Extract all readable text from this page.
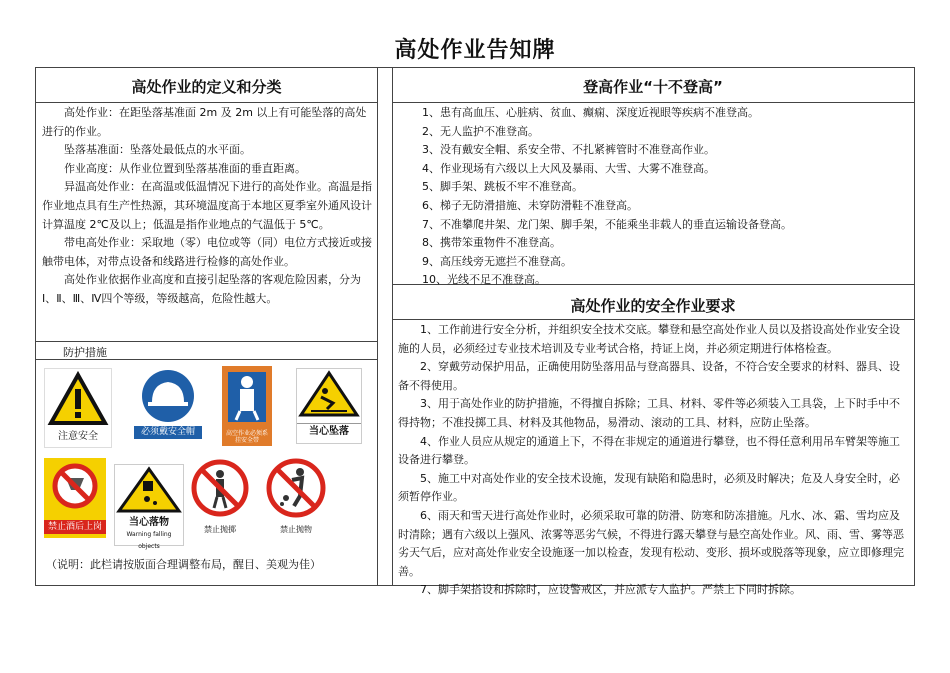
高处作业告知牌
高处作业的定义和分类

高处作业：在距坠落基准面 2m 及 2m 以上有可能坠落的高处进行的作业。

坠落基准面：坠落处最低点的水平面。

作业高度：从作业位置到坠落基准面的垂直距离。

异温高处作业：在高温或低温情况下进行的高处作业。高温是指作业地点具有生产性热源，其环境温度高于本地区夏季室外通风设计计算温度 2℃及以上；低温是指作业地点的气温低于 5℃。

带电高处作业：采取地（零）电位或等（同）电位方式接近或接触带电体，对带点设备和线路进行检修的高处作业。

高处作业依据作业高度和直接引起坠落的客观危险因素，分为Ⅰ、Ⅱ、Ⅲ、Ⅳ四个等级，等级越高，危险性越大。

防护措施
注意安全	必须戴安全帽	高空作业必须系挂安全带
当心坠落
禁止酒后上岗	当心落物
Warning falling objects
禁止抛掷	禁止抛物
（说明：此栏请按版面合理调整布局，醒目、美观为佳）
登高作业“十不登高”

1、患有高血压、心脏病、贫血、癫痫、深度近视眼等疾病不准登高。

2、无人监护不准登高。

3、没有戴安全帽、系安全带、不扎紧裤管时不准登高作业。

4、作业现场有六级以上大风及暴雨、大雪、大雾不准登高。

5、脚手架、跳板不牢不准登高。

6、梯子无防滑措施、未穿防滑鞋不准登高。

7、不准攀爬井架、龙门架、脚手架，不能乘坐非载人的垂直运输设备登高。

8、携带笨重物件不准登高。

9、高压线旁无遮拦不准登高。

10、光线不足不准登高。

高处作业的安全作业要求

1、工作前进行安全分析，并组织安全技术交底。攀登和悬空高处作业人员以及搭设高处作业安全设施的人员，必须经过专业技术培训及专业考试合格，持证上岗，并必须定期进行体格检查。

2、穿戴劳动保护用品，正确使用防坠落用品与登高器具、设备，不符合安全要求的材料、器具、设备不得使用。

3、用于高处作业的防护措施，不得擅自拆除；工具、材料、零件等必须装入工具袋，上下时手中不得持物；不准投掷工具、材料及其他物品，易滑动、滚动的工具、材料，应防止坠落。

4、作业人员应从规定的通道上下，不得在非规定的通道进行攀登，也不得任意利用吊车臂架等施工设备进行攀登。

5、施工中对高处作业的安全技术设施，发现有缺陷和隐患时，必须及时解决；危及人身安全时，必须暂停作业。

6、雨天和雪天进行高处作业时，必须采取可靠的防滑、防寒和防冻措施。凡水、冰、霜、雪均应及时清除；遇有六级以上强风、浓雾等恶劣气候，不得进行露天攀登与悬空高处作业。风、雨、雪、雾等恶劣天气后，应对高处作业安全设施逐一加以检查，发现有松动、变形、损坏或脱落等现象，应立即修理完善。

7、脚手架搭设和拆除时，应设警戒区，并应派专人监护。严禁上下同时拆除。
